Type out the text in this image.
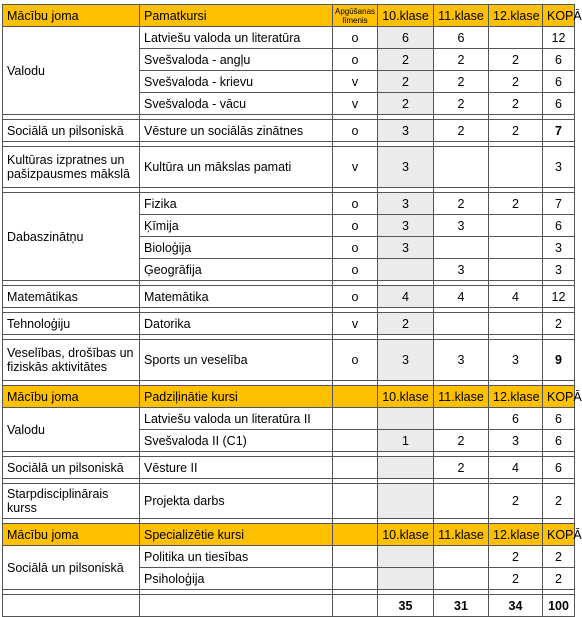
Mācību joma	Pamatkursi	Apgūšanas līmenis	10.klase	11.klase	12.klase	KOPĀ
Valodu	Latviešu valoda un literatūra	o	6	6		12
	Svešvaloda - angļu	o	2	2	2	6
	Svešvaloda - krievu	v	2	2	2	6
	Svešvaloda - vācu	v	2	2	2	6

Sociālā un pilsoniskā	Vēsture un sociālās zinātnes	o	3	2	2	7

Kultūras izpratnes un pašizpausmes mākslā	Kultūra un mākslas pamati	v	3			3

Dabaszinātņu	Fizika	o	3	2	2	7
	Ķīmija	o	3	3		6
	Bioloģija	o	3			3
	Ģeogrāfija	o		3		3

Matemātikas	Matemātika	o	4	4	4	12

Tehnoloģiju	Datorika	v	2			2

Veselības, drošības un fiziskās aktivitātes	Sports un veselība	o	3	3	3	9

Mācību joma	Padziļinātie kursi		10.klase	11.klase	12.klase	KOPĀ
Valodu	Latviešu valoda un literatūra II				6	6
	Svešvaloda II (C1)		1	2	3	6

Sociālā un pilsoniskā	Vēsture II			2	4	6

Starpdisciplinārais kurss	Projekta darbs				2	2

Mācību joma	Specializētie kursi		10.klase	11.klase	12.klase	KOPĀ
Sociālā un pilsoniskā	Politika un tiesības				2	2
	Psiholoģija				2	2

			35	31	34	100
